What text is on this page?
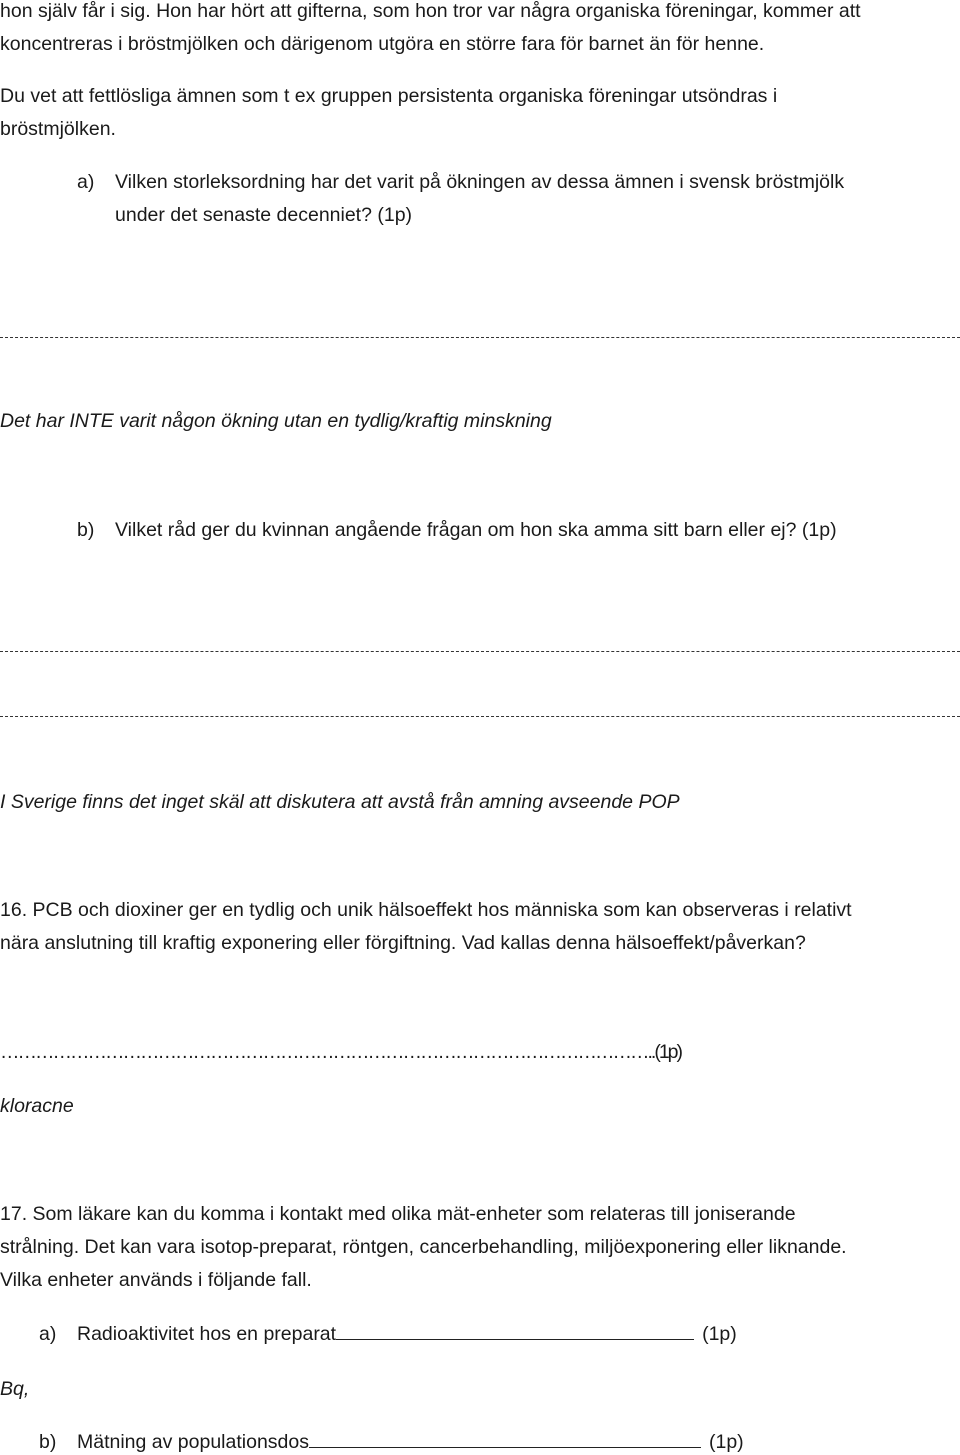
hon själv får i sig. Hon har hört att gifterna, som hon tror var några organiska föreningar, kommer att
koncentreras i bröstmjölken och därigenom utgöra en större fara för barnet än för henne.
Du vet att fettlösliga ämnen som t ex gruppen persistenta organiska föreningar utsöndras i
bröstmjölken.
a) Vilken storleksordning har det varit på ökningen av dessa ämnen i svensk bröstmjölk
under det senaste decenniet? (1p)
Det har INTE varit någon ökning utan en tydlig/kraftig minskning
b) Vilket råd ger du kvinnan angående frågan om hon ska amma sitt barn eller ej? (1p)
I Sverige finns det inget skäl att diskutera att avstå från amning avseende POP
16. PCB och dioxiner ger en tydlig och unik hälsoeffekt hos människa som kan observeras i relativt
nära anslutning till kraftig exponering eller förgiftning. Vad kallas denna hälsoeffekt/påverkan?
…………………………………………………………………………………………………..(1p)
kloracne
17. Som läkare kan du komma i kontakt med olika mät-enheter som relateras till joniserande
strålning. Det kan vara isotop-preparat, röntgen, cancerbehandling, miljöexponering eller liknande.
Vilka enheter används i följande fall.
a) Radioaktivitet hos en preparat	(1p)
Bq,
b) Mätning av populationsdos	(1p)
